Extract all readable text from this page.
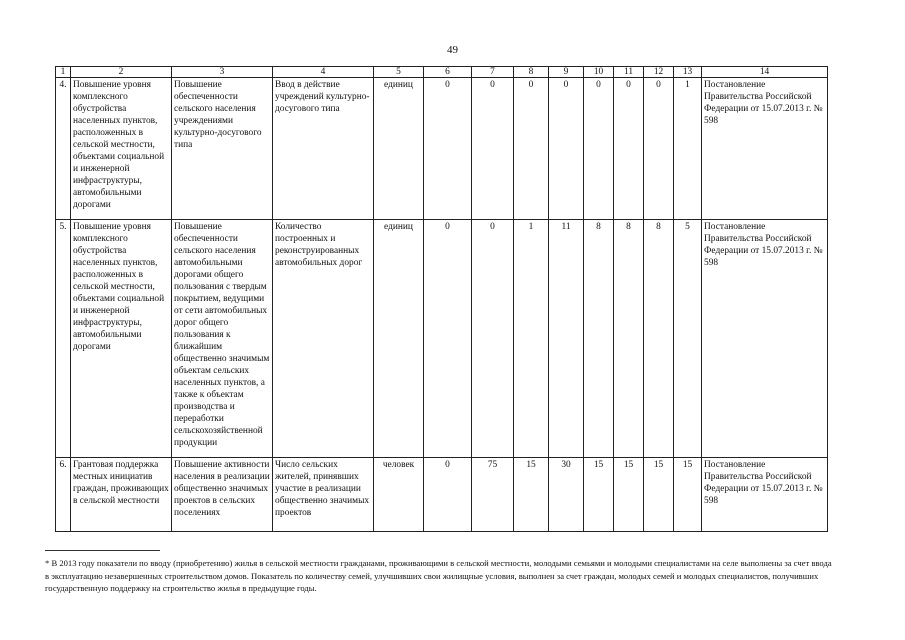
49
1	2	3	4	5	6	7	8	9	10	11	12	13	14
4.	Повышение уровня комплексного обустройства населенных пунктов, расположенных в сельской местности, объектами социальной и инженерной инфраструктуры, автомобильными дорогами	Повышение обеспеченности сельского населения учреждениями культурно-досугового типа	Ввод в действие учреждений культурно-досугового типа	единиц	0	0	0	0	0	0	0	1	Постановление Правительства Российской Федерации от 15.07.2013 г. № 598
5.	Повышение уровня комплексного обустройства населенных пунктов, расположенных в сельской местности, объектами социальной и инженерной инфраструктуры, автомобильными дорогами	Повышение обеспеченности сельского населения автомобильными дорогами общего пользования с твердым покрытием, ведущими от сети автомобильных дорог общего пользования к ближайшим общественно значимым объектам сельских населенных пунктов, а также к объектам производства и переработки сельскохозяйственной продукции	Количество построенных и реконструированных автомобильных дорог	единиц	0	0	1	11	8	8	8	5	Постановление Правительства Российской Федерации от 15.07.2013 г. № 598
6.	Грантовая поддержка местных инициатив граждан, проживающих в сельской местности	Повышение активности населения в реализации общественно значимых проектов в сельских поселениях	Число сельских жителей, принявших участие в реализации общественно значимых проектов	человек	0	75	15	30	15	15	15	15	Постановление Правительства Российской Федерации от 15.07.2013 г. № 598
* В 2013 году показатели по вводу (приобретению) жилья в сельской местности гражданами, проживающими в сельской местности, молодыми семьями и молодыми специалистами на селе выполнены за счет ввода в эксплуатацию незавершенных строительством домов. Показатель по количеству семей, улучшивших свои жилищные условия, выполнен за счет граждан, молодых семей и молодых специалистов, получивших государственную поддержку на строительство жилья в предыдущие годы.
